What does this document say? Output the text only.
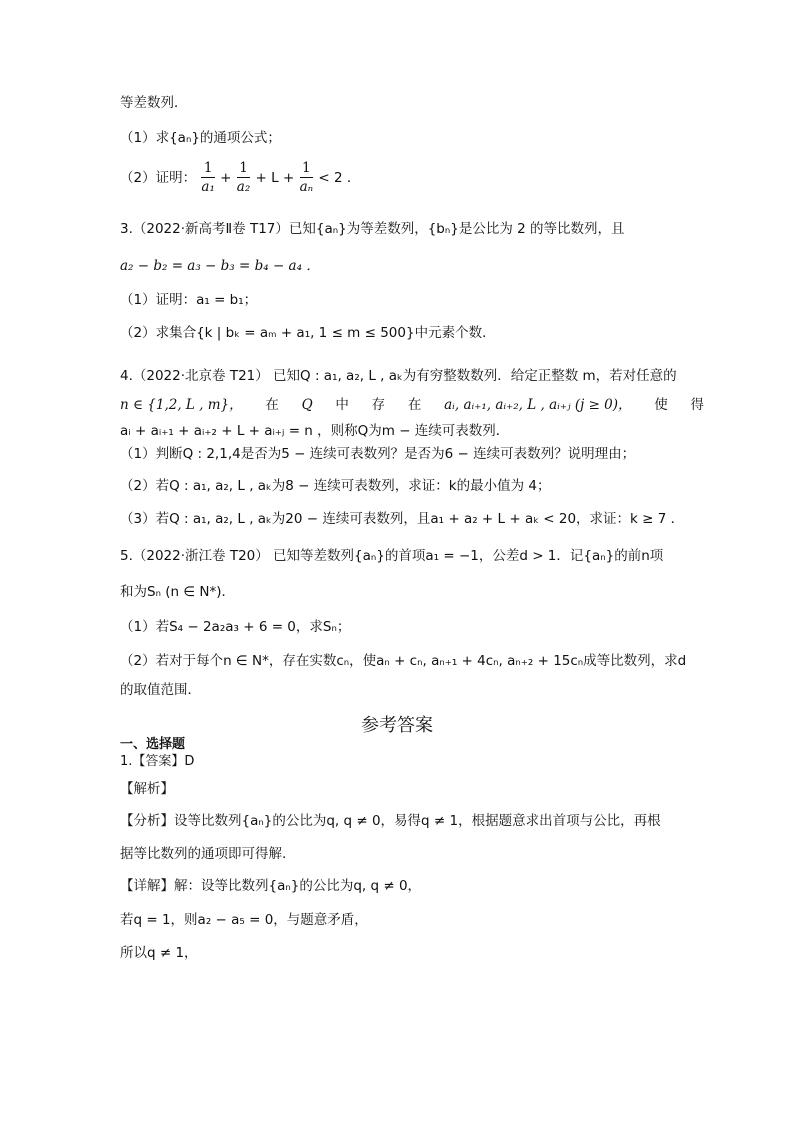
等差数列．
（1）求{aₙ}的通项公式；
（2）证明： $\frac{1}{\text{a₁}} + \frac{1}{\text{a₂}} + L + \frac{1}{\text{aₙ}} < 2$ ．
3.（2022·新高考Ⅱ卷 T17）已知{aₙ}为等差数列，{bₙ}是公比为 2 的等比数列，且
a₂ − b₂ = a₃ − b₃ = b₄ − a₄ ．
（1）证明：a₁ = b₁；
（2）求集合{k | bₖ = aₘ + a₁, 1 ≤ m ≤ 500}中元素个数．
4.（2022·北京卷 T21） 已知Q : a₁, a₂, L , aₖ为有穷整数数列．给定正整数 m，若对任意的
n ∈ {1,2, L , m}， 在 Q 中 存 在 aᵢ, aᵢ₊₁, aᵢ₊₂, L , aᵢ₊ⱼ (j ≥ 0)， 使 得
aᵢ + aᵢ₊₁ + aᵢ₊₂ + L + aᵢ₊ⱼ = n ，则称Q为m − 连续可表数列．
（1）判断Q : 2,1,4是否为5 − 连续可表数列？是否为6 − 连续可表数列？说明理由；
（2）若Q : a₁, a₂, L , aₖ为8 − 连续可表数列，求证：k的最小值为 4；
（3）若Q : a₁, a₂, L , aₖ为20 − 连续可表数列，且a₁ + a₂ + L + aₖ < 20，求证：k ≥ 7 ．
5.（2022·浙江卷 T20） 已知等差数列{aₙ}的首项a₁ = −1，公差d > 1．记{aₙ}的前n项
和为Sₙ (n ∈ N*)．
（1）若S₄ − 2a₂a₃ + 6 = 0，求Sₙ；
（2）若对于每个n ∈ N*，存在实数cₙ，使aₙ + cₙ, aₙ₊₁ + 4cₙ, aₙ₊₂ + 15cₙ成等比数列，求d
的取值范围．
参考答案
一、选择题
1.【答案】D
【解析】
【分析】设等比数列{aₙ}的公比为q, q ≠ 0，易得q ≠ 1，根据题意求出首项与公比，再根
据等比数列的通项即可得解.
【详解】解：设等比数列{aₙ}的公比为q, q ≠ 0，
若q = 1，则a₂ − a₅ = 0，与题意矛盾，
所以q ≠ 1，
